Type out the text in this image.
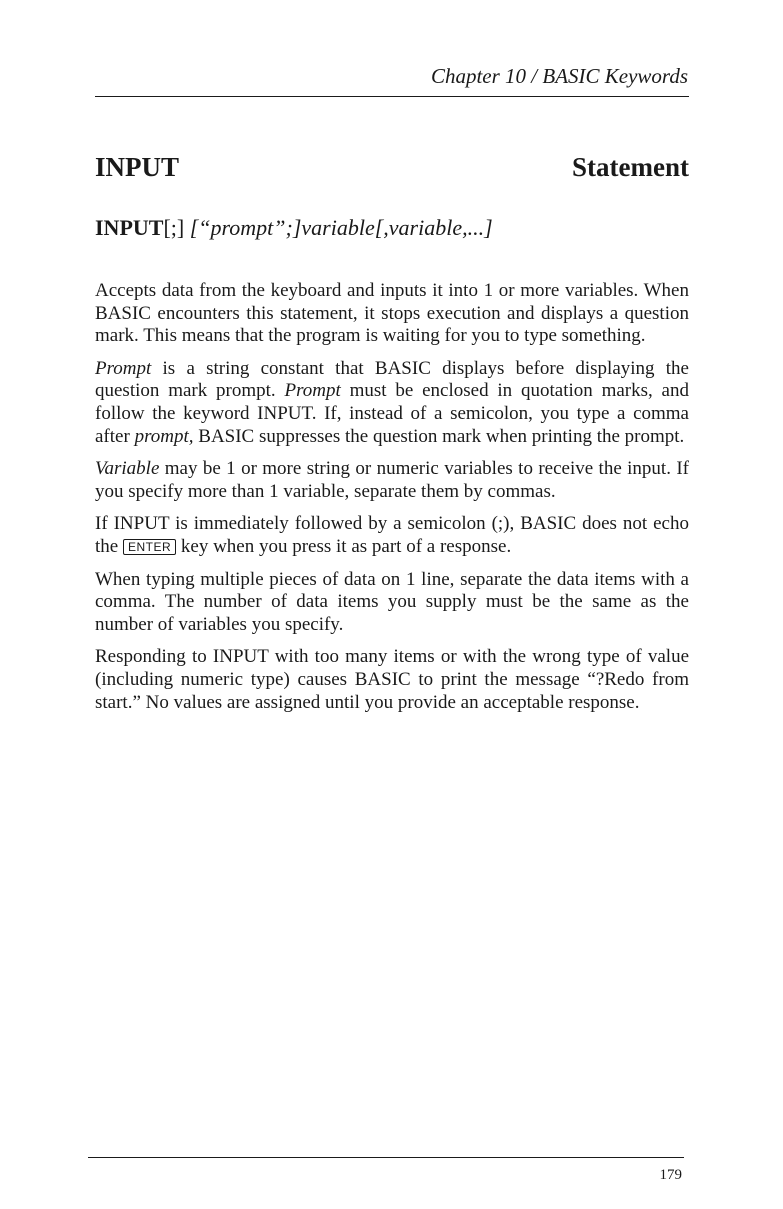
Chapter 10 / BASIC Keywords
INPUT	Statement
INPUT[;] [“prompt”;]variable[,variable,...]

Accepts data from the keyboard and inputs it into 1 or more variables. When BASIC encounters this statement, it stops execution and displays a question mark. This means that the program is waiting for you to type something.

Prompt is a string constant that BASIC displays before displaying the question mark prompt. Prompt must be enclosed in quotation marks, and follow the keyword INPUT. If, instead of a semicolon, you type a comma after prompt, BASIC suppresses the question mark when printing the prompt.

Variable may be 1 or more string or numeric variables to receive the input. If you specify more than 1 variable, separate them by commas.

If INPUT is immediately followed by a semicolon (;), BASIC does not echo the ENTER key when you press it as part of a response.

When typing multiple pieces of data on 1 line, separate the data items with a comma. The number of data items you supply must be the same as the number of variables you specify.

Responding to INPUT with too many items or with the wrong type of value (including numeric type) causes BASIC to print the message “?Redo from start.” No values are assigned until you provide an acceptable response.

179
